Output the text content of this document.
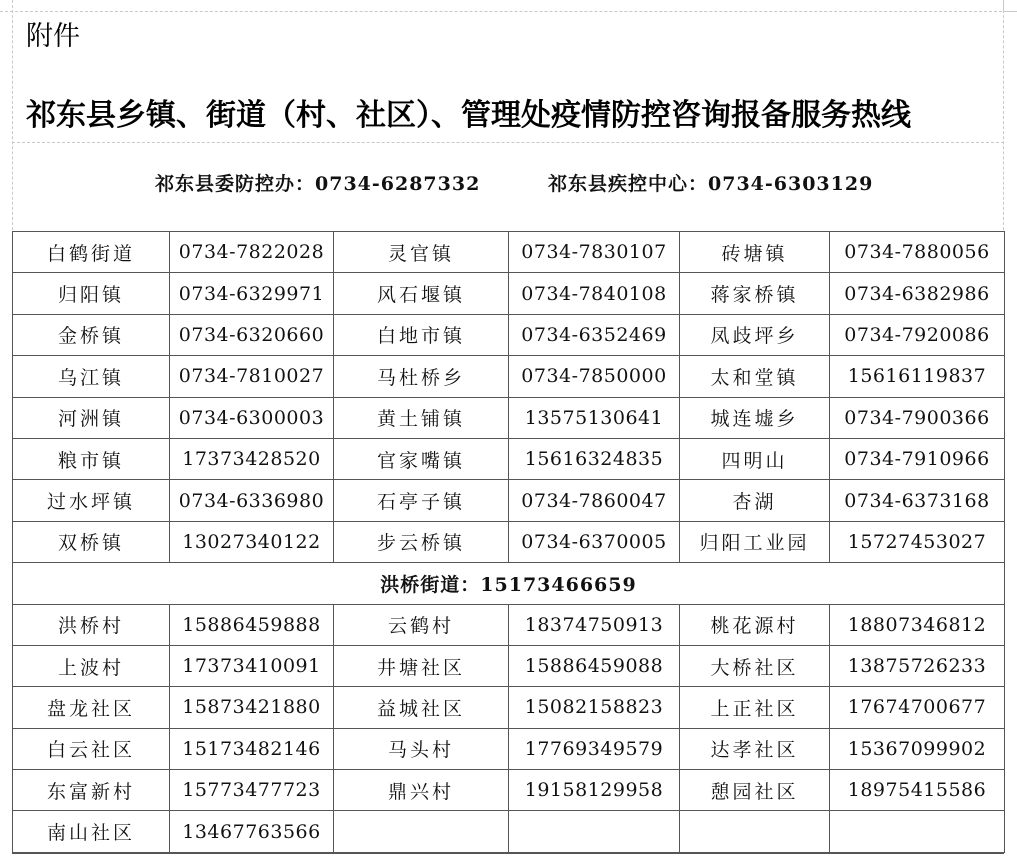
附件
祁东县乡镇、街道（村、社区）、管理处疫情防控咨询报备服务热线
祁东县委防控办：0734-6287332	祁东县疾控中心：0734-6303129
白鹤街道	0734-7822028	灵官镇	0734-7830107	砖塘镇	0734-7880056
归阳镇	0734-6329971	风石堰镇	0734-7840108	蒋家桥镇	0734-6382986
金桥镇	0734-6320660	白地市镇	0734-6352469	凤歧坪乡	0734-7920086
乌江镇	0734-7810027	马杜桥乡	0734-7850000	太和堂镇	15616119837
河洲镇	0734-6300003	黄土铺镇	13575130641	城连墟乡	0734-7900366
粮市镇	17373428520	官家嘴镇	15616324835	四明山	0734-7910966
过水坪镇	0734-6336980	石亭子镇	0734-7860047	杏湖	0734-6373168
双桥镇	13027340122	步云桥镇	0734-6370005	归阳工业园	15727453027
洪桥街道：15173466659					
洪桥村	15886459888	云鹤村	18374750913	桃花源村	18807346812
上波村	17373410091	井塘社区	15886459088	大桥社区	13875726233
盘龙社区	15873421880	益城社区	15082158823	上正社区	17674700677
白云社区	15173482146	马头村	17769349579	达孝社区	15367099902
东富新村	15773477723	鼎兴村	19158129958	憩园社区	18975415586
南山社区	13467763566				
